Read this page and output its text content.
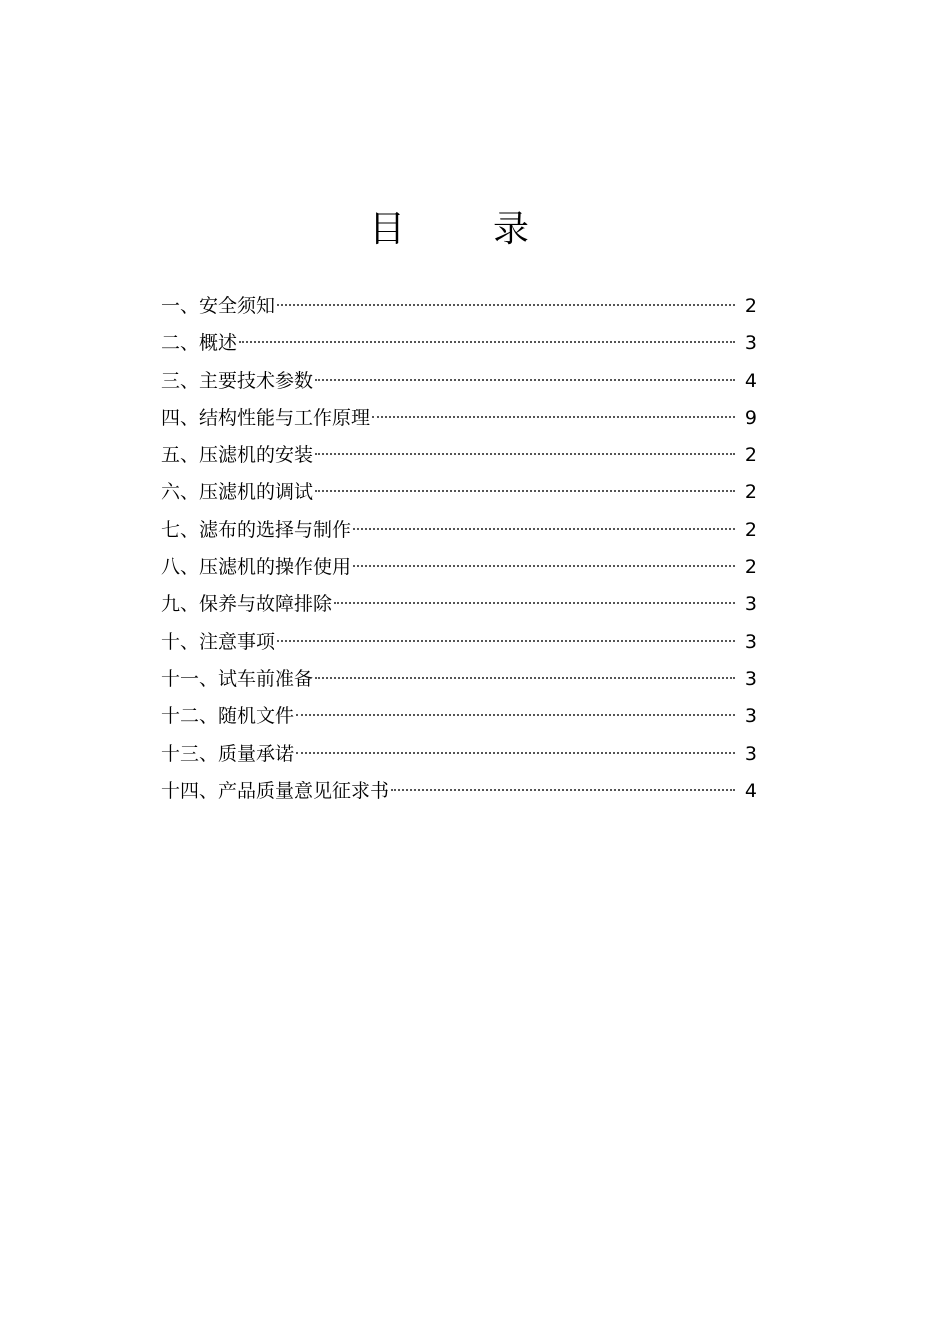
目录
一、安全须知	2
二、概述	3
三、主要技术参数	4
四、结构性能与工作原理	9
五、压滤机的安装	2
六、压滤机的调试	2
七、滤布的选择与制作	2
八、压滤机的操作使用	2
九、保养与故障排除	3
十、注意事项	3
十一、试车前准备	3
十二、随机文件	3
十三、质量承诺	3
十四、产品质量意见征求书	4
